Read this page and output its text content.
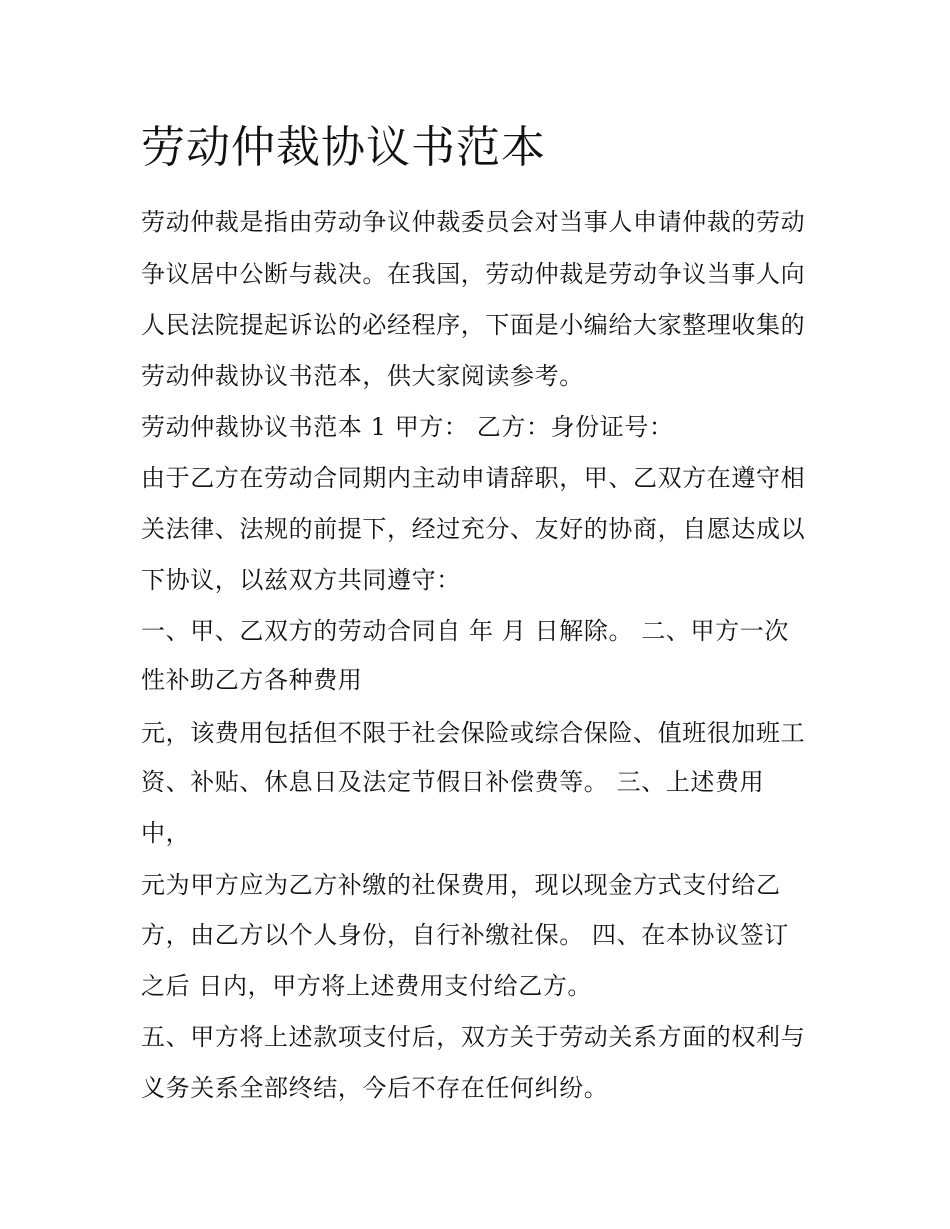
劳动仲裁协议书范本
劳动仲裁是指由劳动争议仲裁委员会对当事人申请仲裁的劳动
争议居中公断与裁决。在我国，劳动仲裁是劳动争议当事人向
人民法院提起诉讼的必经程序，下面是小编给大家整理收集的
劳动仲裁协议书范本，供大家阅读参考。
劳动仲裁协议书范本 1 甲方： 乙方：身份证号：
由于乙方在劳动合同期内主动申请辞职，甲、乙双方在遵守相
关法律、法规的前提下，经过充分、友好的协商，自愿达成以
下协议，以兹双方共同遵守：
一、甲、乙双方的劳动合同自 年 月 日解除。 二、甲方一次
性补助乙方各种费用
元，该费用包括但不限于社会保险或综合保险、值班很加班工
资、补贴、休息日及法定节假日补偿费等。 三、上述费用
中，
元为甲方应为乙方补缴的社保费用，现以现金方式支付给乙
方，由乙方以个人身份，自行补缴社保。 四、在本协议签订
之后 日内，甲方将上述费用支付给乙方。
五、甲方将上述款项支付后，双方关于劳动关系方面的权利与
义务关系全部终结，今后不存在任何纠纷。
